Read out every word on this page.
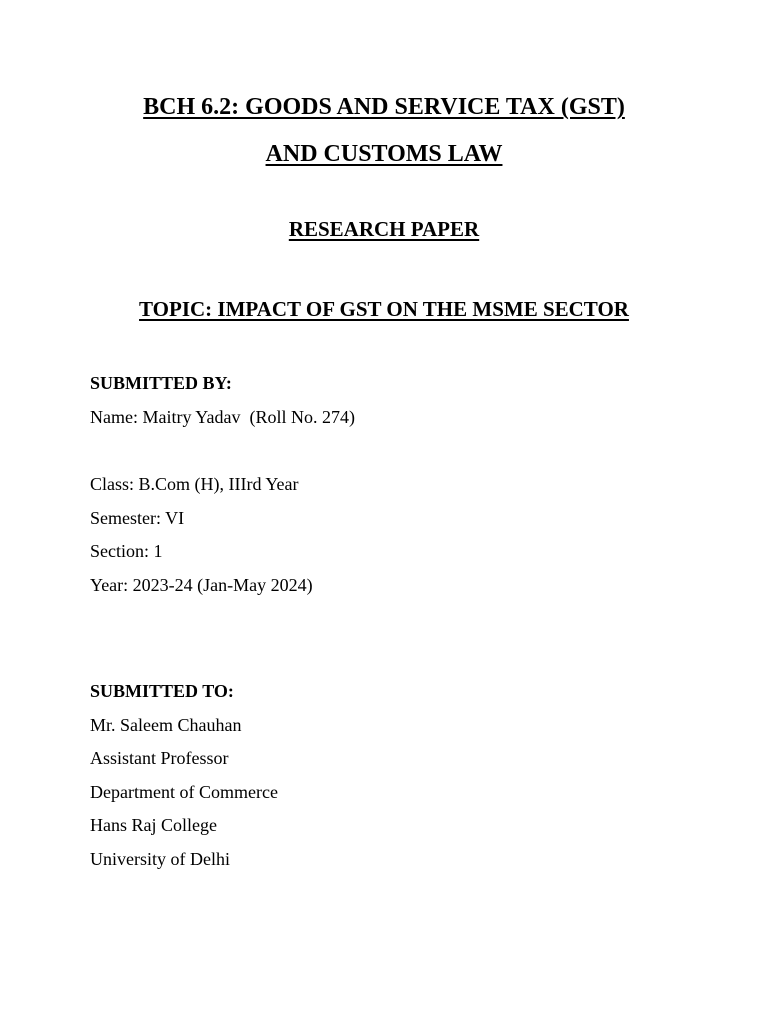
BCH 6.2: GOODS AND SERVICE TAX (GST)
AND CUSTOMS LAW
RESEARCH PAPER
TOPIC: IMPACT OF GST ON THE MSME SECTOR
SUBMITTED BY:
Name: Maitry Yadav  (Roll No. 274)
Class: B.Com (H), IIIrd Year
Semester: VI
Section: 1
Year: 2023-24 (Jan-May 2024)
SUBMITTED TO:
Mr. Saleem Chauhan
Assistant Professor
Department of Commerce
Hans Raj College
University of Delhi
